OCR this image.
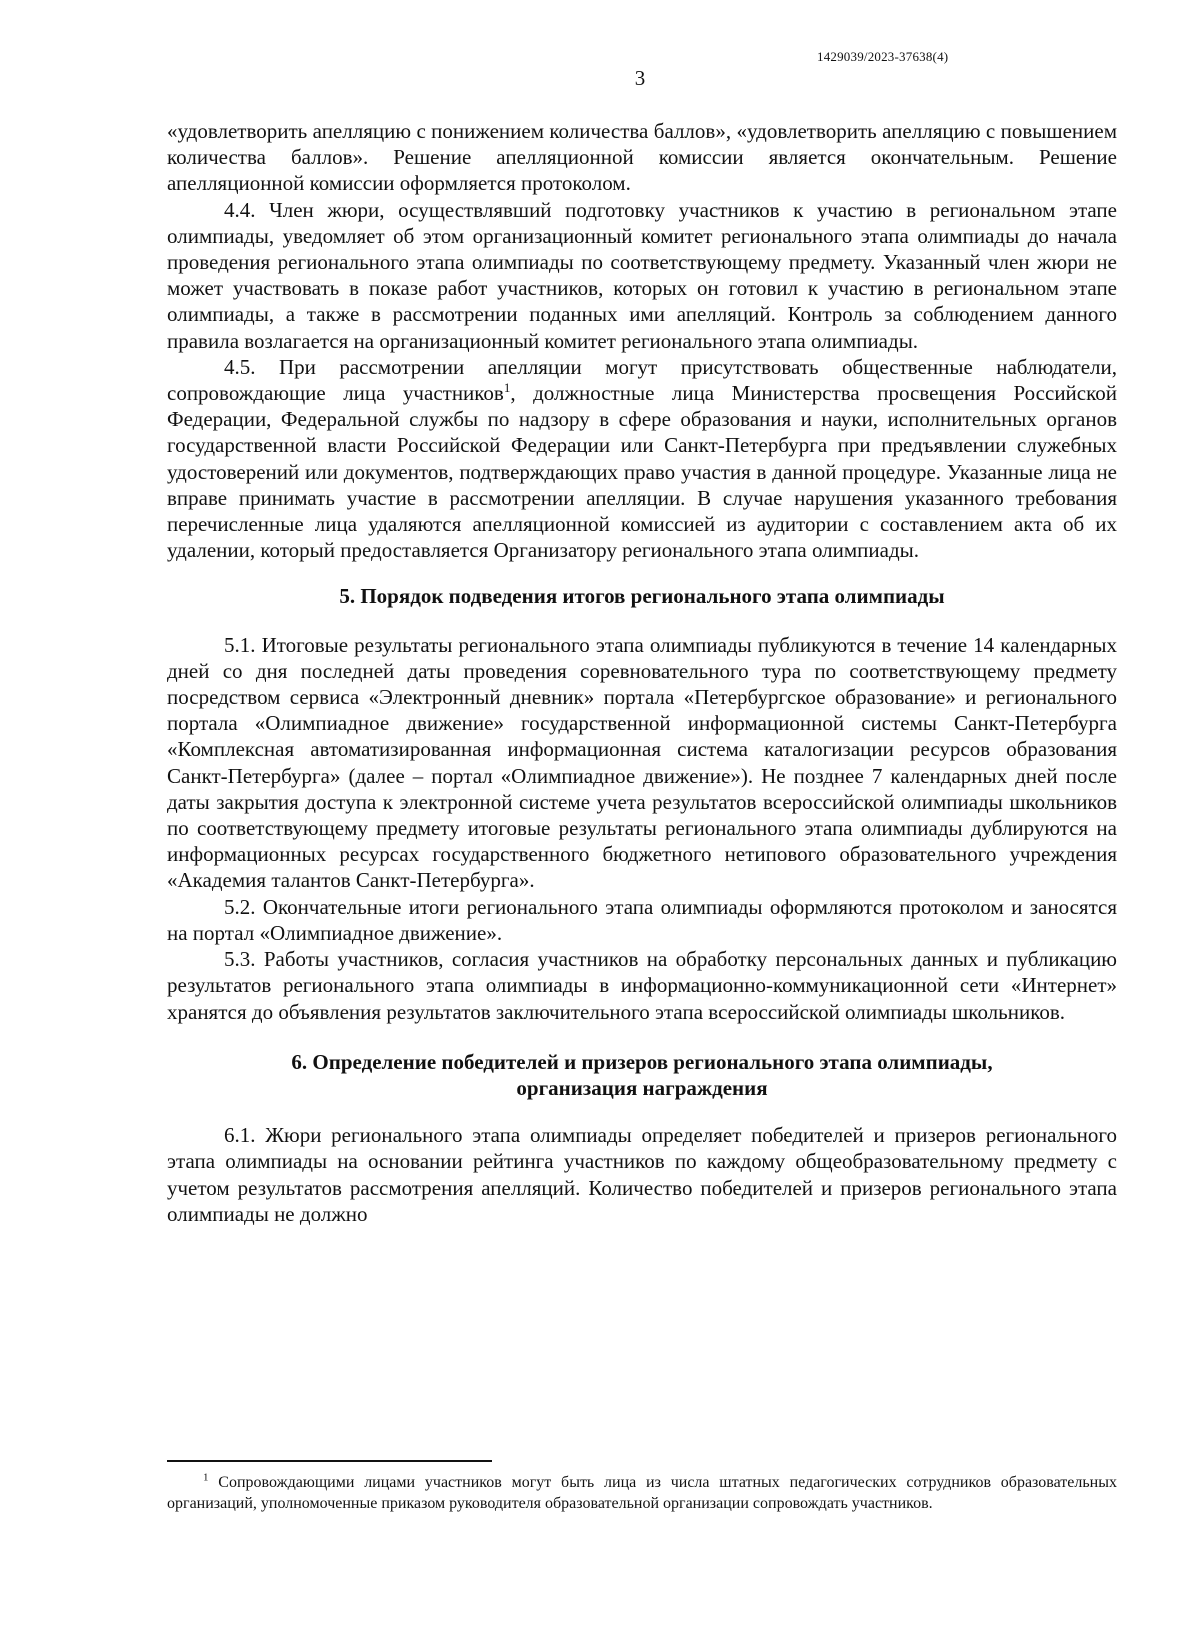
1429039/2023-37638(4)
3

«удовлетворить апелляцию с понижением количества баллов», «удовлетворить апелляцию с повышением количества баллов». Решение апелляционной комиссии является окончательным. Решение апелляционной комиссии оформляется протоколом.

4.4. Член жюри, осуществлявший подготовку участников к участию в региональном этапе олимпиады, уведомляет об этом организационный комитет регионального этапа олимпиады до начала проведения регионального этапа олимпиады по соответствующему предмету. Указанный член жюри не может участвовать в показе работ участников, которых он готовил к участию в региональном этапе олимпиады, а также в рассмотрении поданных ими апелляций. Контроль за соблюдением данного правила возлагается на организационный комитет регионального этапа олимпиады.

4.5. При рассмотрении апелляции могут присутствовать общественные наблюдатели, сопровождающие лица участников$^1$, должностные лица Министерства просвещения Российской Федерации, Федеральной службы по надзору в сфере образования и науки, исполнительных органов государственной власти Российской Федерации или Санкт-Петербурга при предъявлении служебных удостоверений или документов, подтверждающих право участия в данной процедуре. Указанные лица не вправе принимать участие в рассмотрении апелляции. В случае нарушения указанного требования перечисленные лица удаляются апелляционной комиссией из аудитории с составлением акта об их удалении, который предоставляется Организатору регионального этапа олимпиады.

5. Порядок подведения итогов регионального этапа олимпиады

5.1. Итоговые результаты регионального этапа олимпиады публикуются в течение 14 календарных дней со дня последней даты проведения соревновательного тура по соответствующему предмету посредством сервиса «Электронный дневник» портала «Петербургское образование» и регионального портала «Олимпиадное движение» государственной информационной системы Санкт-Петербурга «Комплексная автоматизированная информационная система каталогизации ресурсов образования Санкт-Петербурга» (далее – портал «Олимпиадное движение»). Не позднее 7 календарных дней после даты закрытия доступа к электронной системе учета результатов всероссийской олимпиады школьников по соответствующему предмету итоговые результаты регионального этапа олимпиады дублируются на информационных ресурсах государственного бюджетного нетипового образовательного учреждения «Академия талантов Санкт-Петербурга».

5.2. Окончательные итоги регионального этапа олимпиады оформляются протоколом и заносятся на портал «Олимпиадное движение».

5.3. Работы участников, согласия участников на обработку персональных данных и публикацию результатов регионального этапа олимпиады в информационно-коммуникационной сети «Интернет» хранятся до объявления результатов заключительного этапа всероссийской олимпиады школьников.

6. Определение победителей и призеров регионального этапа олимпиады,
организация награждения

6.1. Жюри регионального этапа олимпиады определяет победителей и призеров регионального этапа олимпиады на основании рейтинга участников по каждому общеобразовательному предмету с учетом результатов рассмотрения апелляций. Количество победителей и призеров регионального этапа олимпиады не должно

$^1$ Сопровождающими лицами участников могут быть лица из числа штатных педагогических сотрудников образовательных организаций, уполномоченные приказом руководителя образовательной организации сопровождать участников.
